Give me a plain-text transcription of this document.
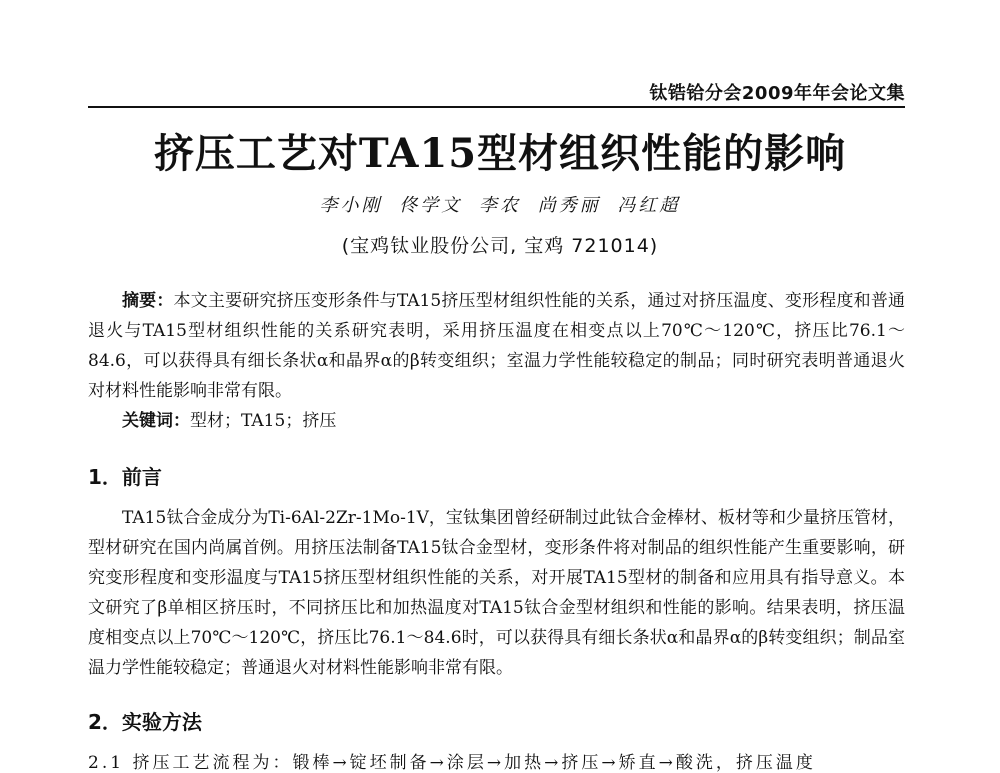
钛锆铪分会2009年年会论文集
挤压工艺对TA15型材组织性能的影响
李小刚 佟学文 李农 尚秀丽 冯红超
(宝鸡钛业股份公司, 宝鸡 721014)

摘要：本文主要研究挤压变形条件与TA15挤压型材组织性能的关系，通过对挤压温度、变形程度和普通退火与TA15型材组织性能的关系研究表明，采用挤压温度在相变点以上70℃～120℃，挤压比76.1～84.6，可以获得具有细长条状α和晶界α的β转变组织；室温力学性能较稳定的制品；同时研究表明普通退火对材料性能影响非常有限。

关键词：型材；TA15；挤压
1．前言

TA15钛合金成分为Ti-6Al-2Zr-1Mo-1V，宝钛集团曾经研制过此钛合金棒材、板材等和少量挤压管材，型材研究在国内尚属首例。用挤压法制备TA15钛合金型材，变形条件将对制品的组织性能产生重要影响，研究变形程度和变形温度与TA15挤压型材组织性能的关系，对开展TA15型材的制备和应用具有指导意义。本文研究了β单相区挤压时，不同挤压比和加热温度对TA15钛合金型材组织和性能的影响。结果表明，挤压温度相变点以上70℃～120℃，挤压比76.1～84.6时，可以获得具有细长条状α和晶界α的β转变组织；制品室温力学性能较稳定；普通退火对材料性能影响非常有限。

2．实验方法
2.1 挤压工艺流程为：锻棒→锭坯制备→涂层→加热→挤压→矫直→酸洗，挤压温度
